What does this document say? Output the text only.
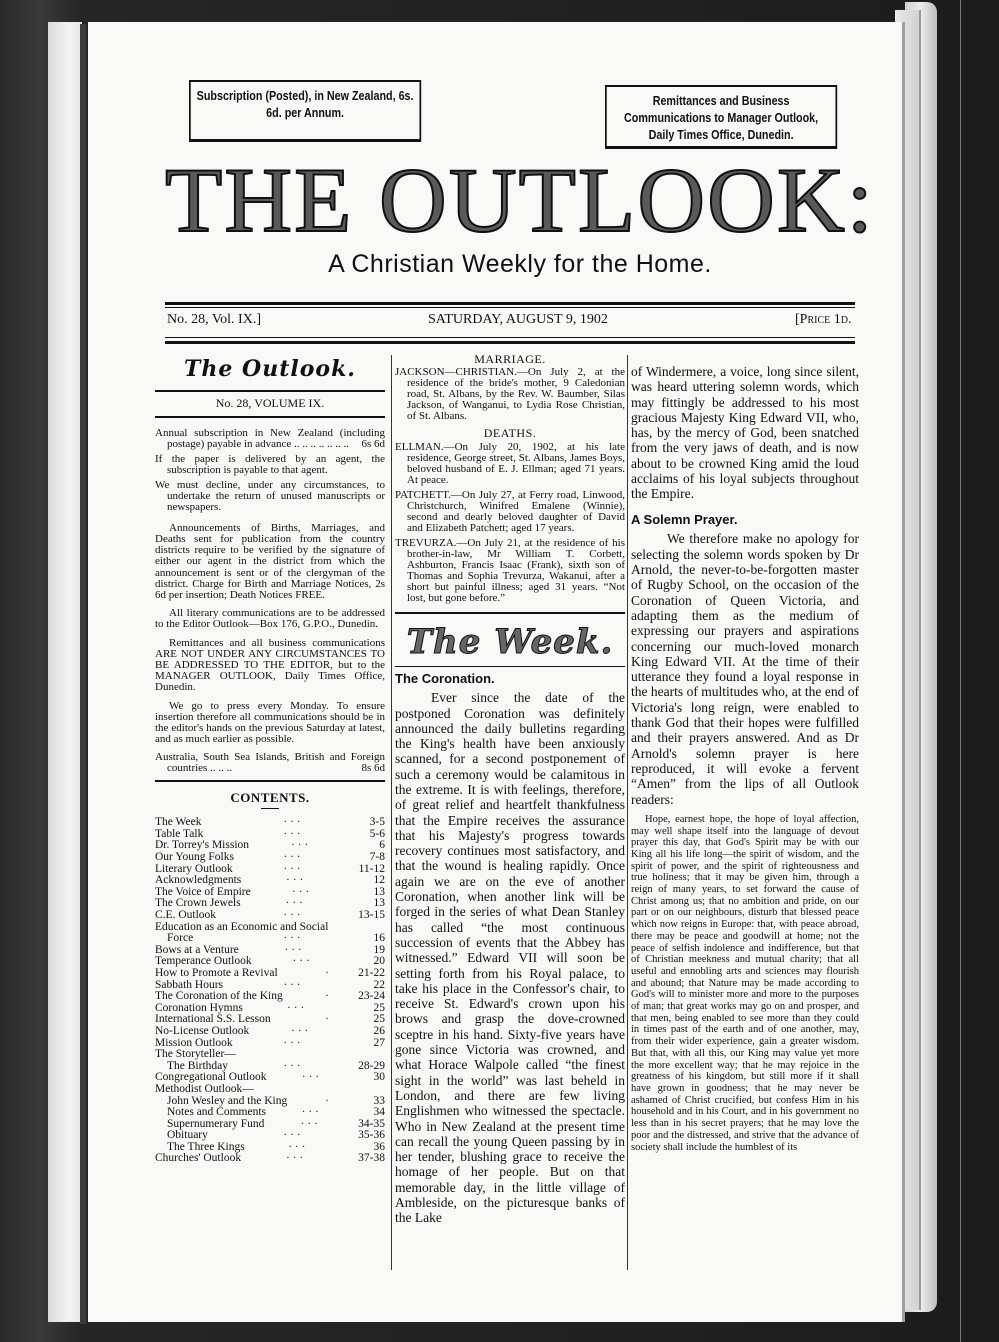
Subscription (Posted), in New Zealand, 6s. 6d. per Annum.
Remittances and Business Communications to Manager Outlook, Daily Times Office, Dunedin.
THE OUTLOOK:
A Christian Weekly for the Home.
No. 28, Vol. IX.]	SATURDAY, AUGUST 9, 1902	[Price 1d.
The Outlook.
No. 28, VOLUME IX.

Annual subscription in New Zealand (including postage) payable in advance .. .. .. .. .. .. .. 6s 6d

If the paper is delivered by an agent, the subscription is payable to that agent.

We must decline, under any circumstances, to undertake the return of unused manuscripts or newspapers.

Announcements of Births, Marriages, and Deaths sent for publication from the country districts require to be verified by the signature of either our agent in the district from which the announcement is sent or of the clergyman of the district. Charge for Birth and Marriage Notices, 2s 6d per insertion; Death Notices FREE.

All literary communications are to be addressed to the Editor Outlook—Box 176, G.P.O., Dunedin.

Remittances and all business communications ARE NOT UNDER ANY CIRCUMSTANCES TO BE ADDRESSED TO THE EDITOR, but to the MANAGER OUTLOOK, Daily Times Office, Dunedin.

We go to press every Monday. To ensure insertion therefore all communications should be in the editor's hands on the previous Saturday at latest, and as much earlier as possible.

Australia, South Sea Islands, British and Foreign countries .. .. ..	8s 6d

CONTENTS.
The Week	· · ·	3-5
Table Talk	· · ·	5-6
Dr. Torrey's Mission	· · ·	6
Our Young Folks	· · ·	7-8
Literary Outlook	· · ·	11-12
Acknowledgments	· · ·	12
The Voice of Empire	· · ·	13
The Crown Jewels	· · ·	13
C.E. Outlook	· · ·	13-15
Education as an Economic and Social
Force	· · ·	16
Bows at a Venture	· · ·	19
Temperance Outlook	· · ·	20
How to Promote a Revival	·	21-22
Sabbath Hours	· · ·	22
The Coronation of the King	·	23-24
Coronation Hymns	· · ·	25
International S.S. Lesson	·	25
No-License Outlook	· · ·	26
Mission Outlook	· · ·	27
The Storyteller—
The Birthday	· · ·	28-29
Congregational Outlook	· · ·	30
Methodist Outlook—
John Wesley and the King	·	33
Notes and Comments	· · ·	34
Supernumerary Fund	· · ·	34-35
Obituary	· · ·	35-36
The Three Kings	· · ·	36
Churches' Outlook	· · ·	37-38
MARRIAGE.

JACKSON—CHRISTIAN.—On July 2, at the residence of the bride's mother, 9 Caledonian road, St. Albans, by the Rev. W. Baumber, Silas Jackson, of Wanganui, to Lydia Rose Christian, of St. Albans.

DEATHS.

ELLMAN.—On July 20, 1902, at his late residence, George street, St. Albans, James Boys, beloved husband of E. J. Ellman; aged 71 years. At peace.

PATCHETT.—On July 27, at Ferry road, Linwood, Christchurch, Winifred Emalene (Winnie), second and dearly beloved daughter of David and Elizabeth Patchett; aged 17 years.

TREVURZA.—On July 21, at the residence of his brother-in-law, Mr William T. Corbett, Ashburton, Francis Isaac (Frank), sixth son of Thomas and Sophia Trevurza, Wakanui, after a short but painful illness; aged 31 years. “Not lost, but gone before.”

The Week.
The Coronation.

Ever since the date of the postponed Coronation was definitely announced the daily bulletins regarding the King's health have been anxiously scanned, for a second postponement of such a ceremony would be calamitous in the extreme. It is with feelings, therefore, of great relief and heartfelt thankfulness that the Empire receives the assurance that his Majesty's progress towards recovery continues most satisfactory, and that the wound is healing rapidly. Once again we are on the eve of another Coronation, when another link will be forged in the series of what Dean Stanley has called “the most continuous succession of events that the Abbey has witnessed.” Edward VII will soon be setting forth from his Royal palace, to take his place in the Confessor's chair, to receive St. Edward's crown upon his brows and grasp the dove-crowned sceptre in his hand. Sixty-five years have gone since Victoria was crowned, and what Horace Walpole called “the finest sight in the world” was last beheld in London, and there are few living Englishmen who witnessed the spectacle. Who in New Zealand at the present time can recall the young Queen passing by in her tender, blushing grace to receive the homage of her people. But on that memorable day, in the little village of Ambleside, on the picturesque banks of the Lake

of Windermere, a voice, long since silent, was heard uttering solemn words, which may fittingly be addressed to his most gracious Majesty King Edward VII, who, has, by the mercy of God, been snatched from the very jaws of death, and is now about to be crowned King amid the loud acclaims of his loyal subjects throughout the Empire.

A Solemn Prayer.

We therefore make no apology for selecting the solemn words spoken by Dr Arnold, the never-to-be-forgotten master of Rugby School, on the occasion of the Coronation of Queen Victoria, and adapting them as the medium of expressing our prayers and aspirations concerning our much-loved monarch King Edward VII. At the time of their utterance they found a loyal response in the hearts of multitudes who, at the end of Victoria's long reign, were enabled to thank God that their hopes were fulfilled and their prayers answered. And as Dr Arnold's solemn prayer is here reproduced, it will evoke a fervent “Amen” from the lips of all Outlook readers:

Hope, earnest hope, the hope of loyal affection, may well shape itself into the language of devout prayer this day, that God's Spirit may be with our King all his life long—the spirit of wisdom, and the spirit of power, and the spirit of righteousness and true holiness; that it may be given him, through a reign of many years, to set forward the cause of Christ among us; that no ambition and pride, on our part or on our neighbours, disturb that blessed peace which now reigns in Europe: that, with peace abroad, there may be peace and goodwill at home; not the peace of selfish indolence and indifference, but that of Christian meekness and mutual charity; that all useful and ennobling arts and sciences may flourish and abound; that Nature may be made according to God's will to minister more and more to the purposes of man; that great works may go on and prosper, and that men, being enabled to see more than they could in times past of the earth and of one another, may, from their wider experience, gain a greater wisdom. But that, with all this, our King may value yet more the more excellent way; that he may rejoice in the greatness of his kingdom, but still more if it shall have grown in goodness; that he may never be ashamed of Christ crucified, but confess Him in his household and in his Court, and in his government no less than in his secret prayers; that he may love the poor and the distressed, and strive that the advance of society shall include the humblest of its
